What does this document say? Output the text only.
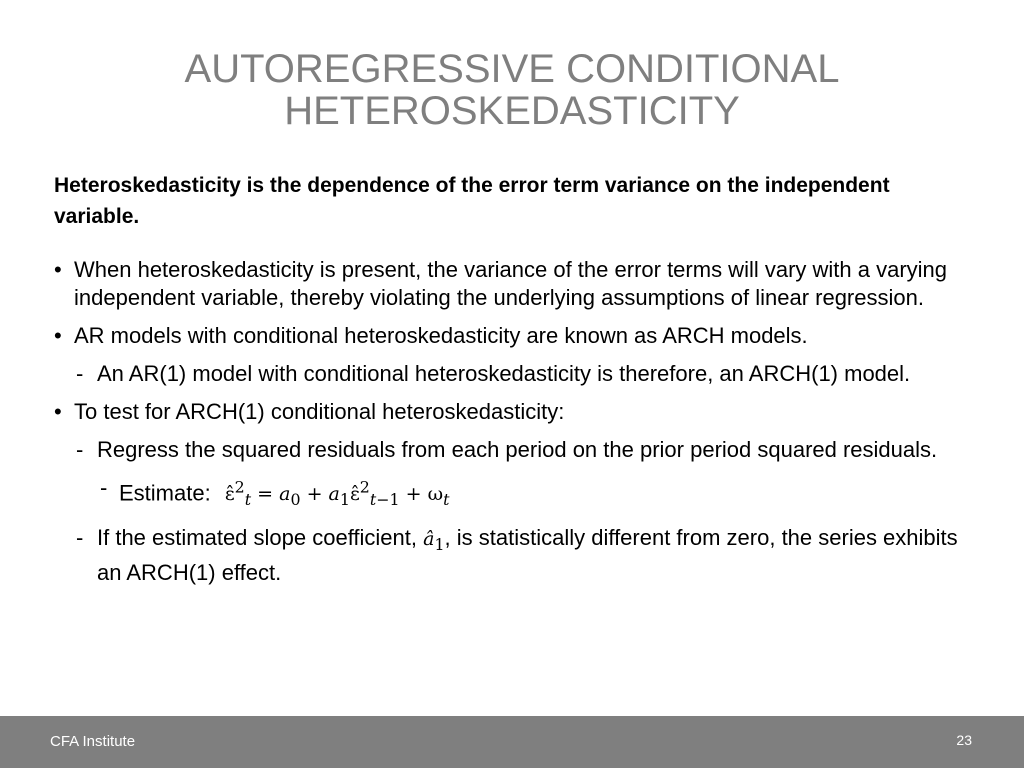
AUTOREGRESSIVE CONDITIONAL
HETEROSKEDASTICITY
Heteroskedasticity is the dependence of the error term variance on the independent variable.
• When heteroskedasticity is present, the variance of the error terms will vary with a varying independent variable, thereby violating the underlying assumptions of linear regression.
• AR models with conditional heteroskedasticity are known as ARCH models.
- An AR(1) model with conditional heteroskedasticity is therefore, an ARCH(1) model.
• To test for ARCH(1) conditional heteroskedasticity:
- Regress the squared residuals from each period on the prior period squared residuals.
- Estimate: ε̂$^2_t$ = $a_0$ + $a_1\varepsilon̂^2_{t-1} + \omega_t$
- If the estimated slope coefficient, $â_1$, is statistically different from zero, the series exhibits an ARCH(1) effect.
CFA Institute	23
